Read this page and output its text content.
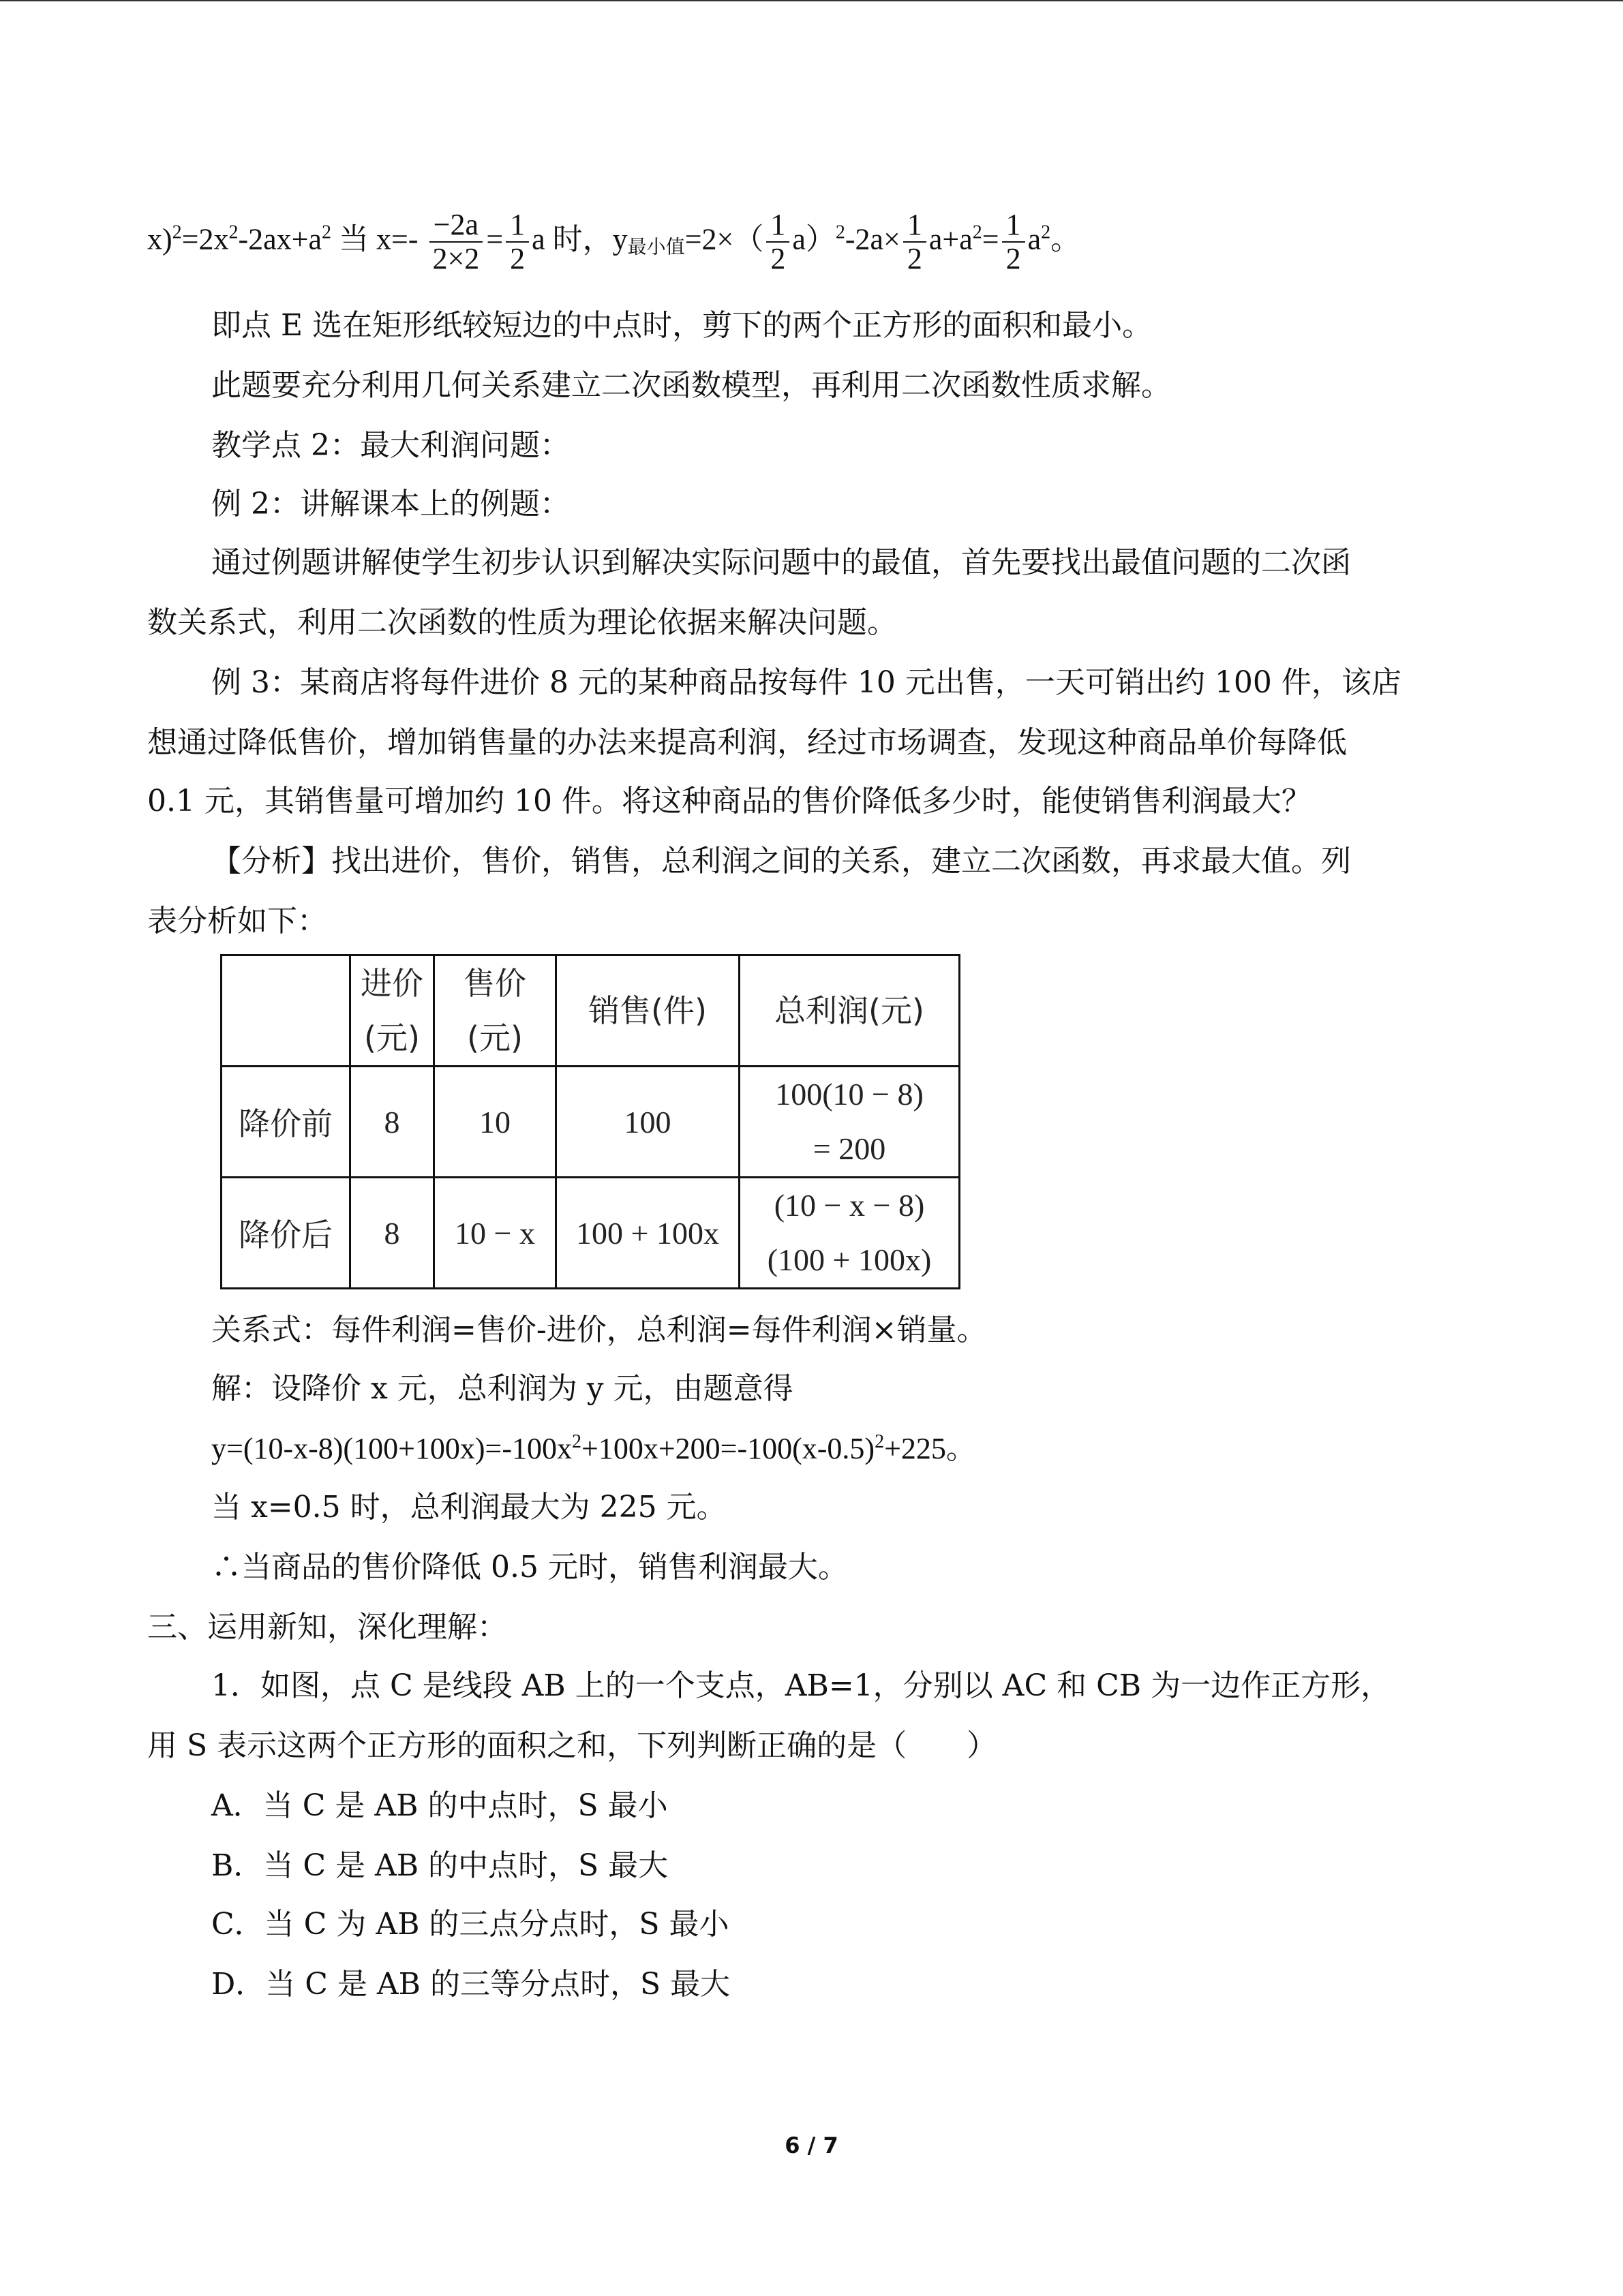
$x)^2=2x^2-2ax+a^2$ 当 $x=- \frac{-2a}{2\times 2} = \frac{1}{2}$ a 时，$y_{最小值}=2\times( \frac{1}{2} a)^2-2a\times \frac{1}{2} a+a^2= \frac{1}{2} a^2$。
即点 E 选在矩形纸较短边的中点时，剪下的两个正方形的面积和最小。
此题要充分利用几何关系建立二次函数模型，再利用二次函数性质求解。
教学点 2：最大利润问题：
例 2：讲解课本上的例题：
通过例题讲解使学生初步认识到解决实际问题中的最值，首先要找出最值问题的二次函
数关系式，利用二次函数的性质为理论依据来解决问题。
例 3：某商店将每件进价 8 元的某种商品按每件 10 元出售，一天可销出约 100 件，该店
想通过降低售价，增加销售量的办法来提高利润，经过市场调查，发现这种商品单价每降低
0.1 元，其销售量可增加约 10 件。将这种商品的售价降低多少时，能使销售利润最大？
【分析】找出进价，售价，销售，总利润之间的关系，建立二次函数，再求最大值。列
表分析如下：

	进价
(元)	售价
(元)	销售(件)	总利润(元)

降价前	8	10	100	100(10 − 8)
= 200

降价后	8	10 − x	100 + 100x	(10 − x − 8)
(100 + 100x)
关系式：每件利润=售价-进价，总利润=每件利润×销量。
解：设降价 x 元，总利润为 y 元，由题意得
$y=(10-x-8)(100+100x)=-100x^2+100x+200=-100(x-0.5)^2+225$。
当 x=0.5 时，总利润最大为 225 元。
∴当商品的售价降低 0.5 元时，销售利润最大。
三、运用新知，深化理解：
1．如图，点 C 是线段 AB 上的一个支点，AB=1，分别以 AC 和 CB 为一边作正方形，
用 S 表示这两个正方形的面积之和，下列判断正确的是（　　）
A．当 C 是 AB 的中点时，S 最小
B．当 C 是 AB 的中点时，S 最大
C．当 C 为 AB 的三点分点时，S 最小
D．当 C 是 AB 的三等分点时，S 最大
6 / 7
